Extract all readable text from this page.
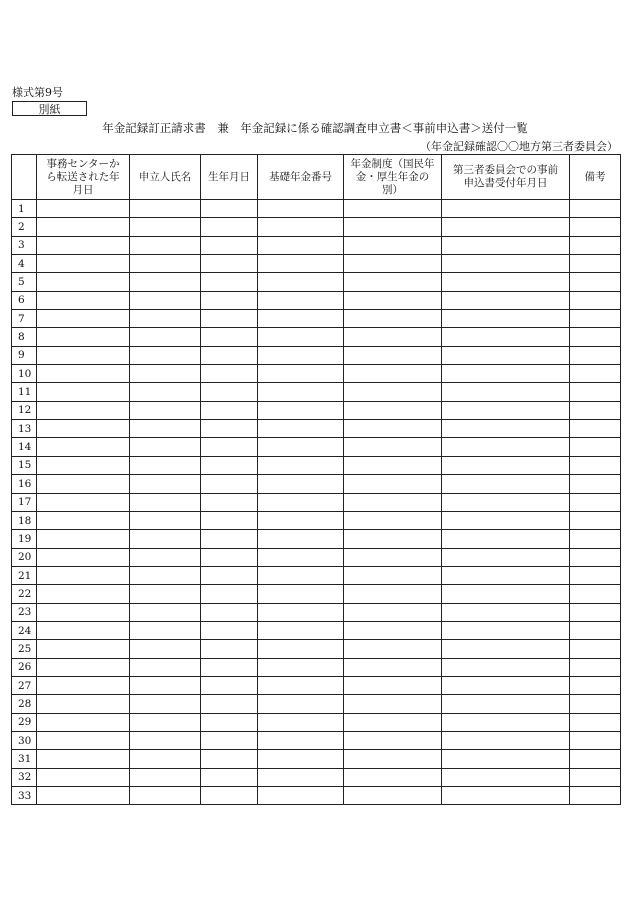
様式第9号
別紙
年金記録訂正請求書　兼　年金記録に係る確認調査申立書＜事前申込書＞送付一覧
（年金記録確認〇〇地方第三者委員会）
	事務センターから転送された年月日	申立人氏名	生年月日	基礎年金番号	年金制度（国民年金・厚生年金の別）	第三者委員会での事前申込書受付年月日	備考
1							
2							
3							
4							
5							
6							
7							
8							
9							
10							
11							
12							
13							
14							
15							
16							
17							
18							
19							
20							
21							
22							
23							
24							
25							
26							
27							
28							
29							
30							
31							
32							
33							
